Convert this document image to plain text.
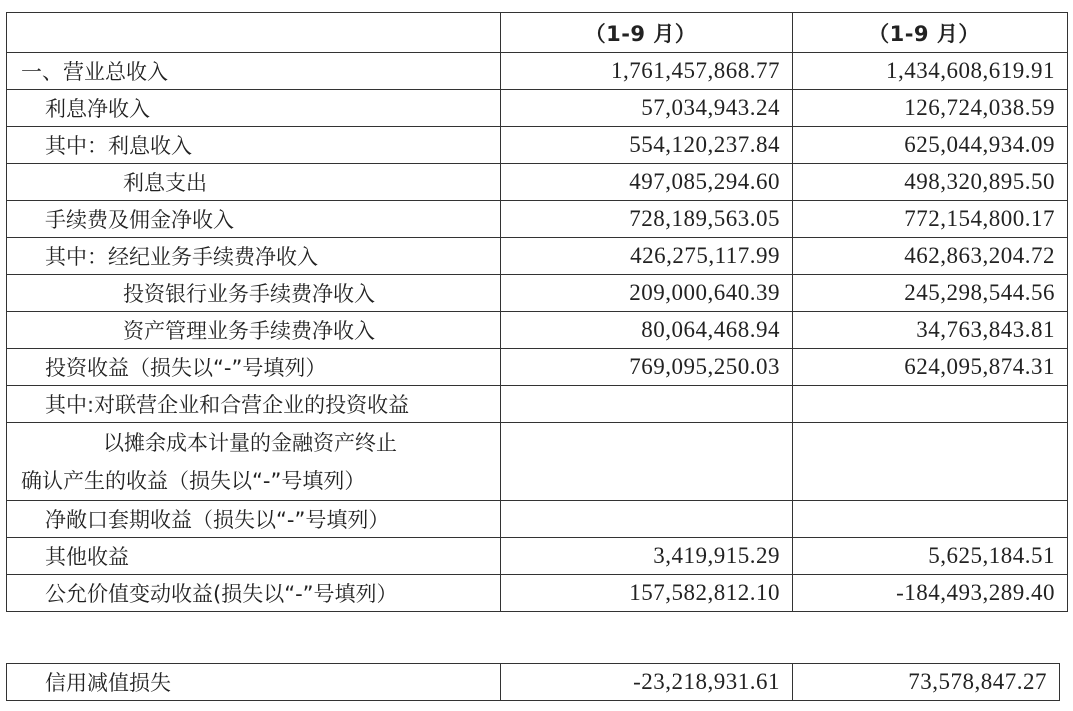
	（1-9 月）	（1-9 月）
一、营业总收入	1,761,457,868.77	1,434,608,619.91
利息净收入	57,034,943.24	126,724,038.59
其中：利息收入	554,120,237.84	625,044,934.09
利息支出	497,085,294.60	498,320,895.50
手续费及佣金净收入	728,189,563.05	772,154,800.17
其中：经纪业务手续费净收入	426,275,117.99	462,863,204.72
投资银行业务手续费净收入	209,000,640.39	245,298,544.56
资产管理业务手续费净收入	80,064,468.94	34,763,843.81
投资收益（损失以“-”号填列）	769,095,250.03	624,095,874.31
其中:对联营企业和合营企业的投资收益		

以摊余成本计量的金融资产终止
确认产生的收益（损失以“-”号填列）		
净敞口套期收益（损失以“-”号填列）		
其他收益	3,419,915.29	5,625,184.51
公允价值变动收益(损失以“-”号填列）	157,582,812.10	-184,493,289.40
信用减值损失	-23,218,931.61	73,578,847.27
